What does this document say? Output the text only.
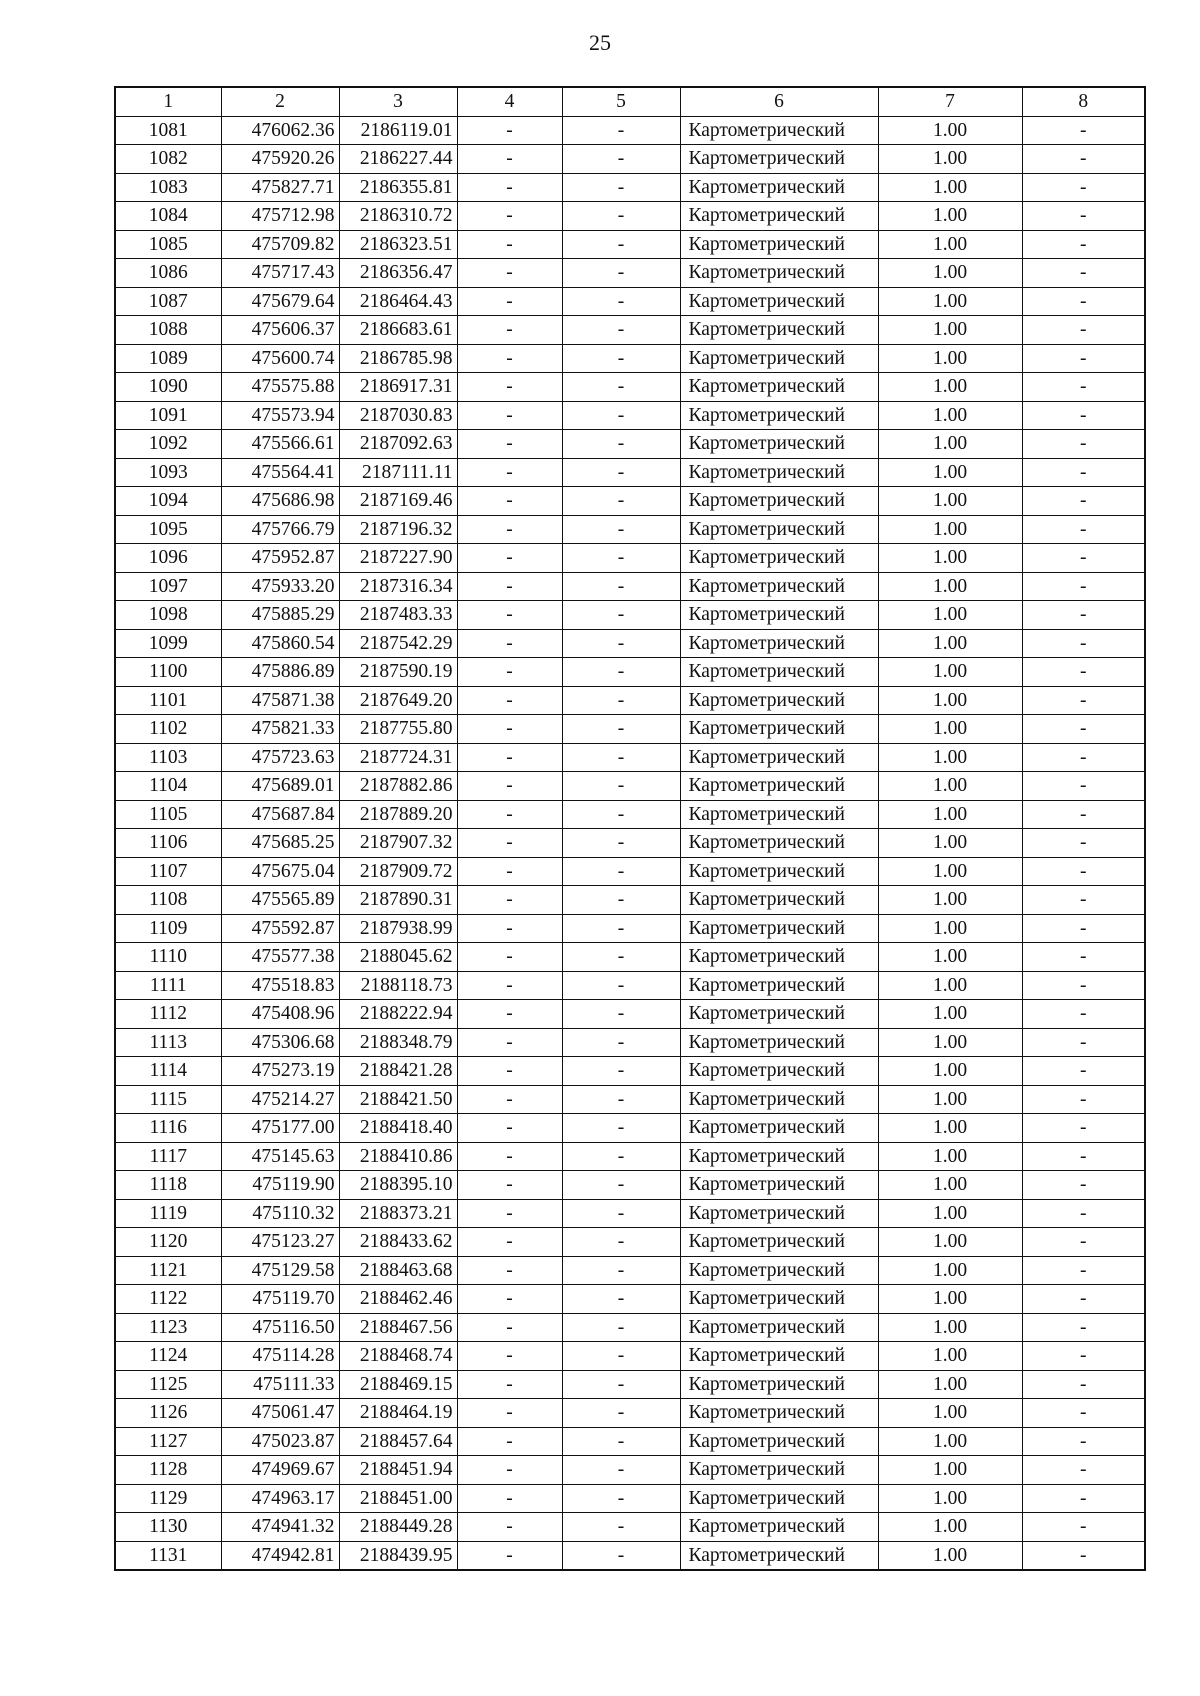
25
1	2	3	4	5	6	7	8
1081	476062.36	2186119.01	-	-	Картометрический	1.00	-
1082	475920.26	2186227.44	-	-	Картометрический	1.00	-
1083	475827.71	2186355.81	-	-	Картометрический	1.00	-
1084	475712.98	2186310.72	-	-	Картометрический	1.00	-
1085	475709.82	2186323.51	-	-	Картометрический	1.00	-
1086	475717.43	2186356.47	-	-	Картометрический	1.00	-
1087	475679.64	2186464.43	-	-	Картометрический	1.00	-
1088	475606.37	2186683.61	-	-	Картометрический	1.00	-
1089	475600.74	2186785.98	-	-	Картометрический	1.00	-
1090	475575.88	2186917.31	-	-	Картометрический	1.00	-
1091	475573.94	2187030.83	-	-	Картометрический	1.00	-
1092	475566.61	2187092.63	-	-	Картометрический	1.00	-
1093	475564.41	2187111.11	-	-	Картометрический	1.00	-
1094	475686.98	2187169.46	-	-	Картометрический	1.00	-
1095	475766.79	2187196.32	-	-	Картометрический	1.00	-
1096	475952.87	2187227.90	-	-	Картометрический	1.00	-
1097	475933.20	2187316.34	-	-	Картометрический	1.00	-
1098	475885.29	2187483.33	-	-	Картометрический	1.00	-
1099	475860.54	2187542.29	-	-	Картометрический	1.00	-
1100	475886.89	2187590.19	-	-	Картометрический	1.00	-
1101	475871.38	2187649.20	-	-	Картометрический	1.00	-
1102	475821.33	2187755.80	-	-	Картометрический	1.00	-
1103	475723.63	2187724.31	-	-	Картометрический	1.00	-
1104	475689.01	2187882.86	-	-	Картометрический	1.00	-
1105	475687.84	2187889.20	-	-	Картометрический	1.00	-
1106	475685.25	2187907.32	-	-	Картометрический	1.00	-
1107	475675.04	2187909.72	-	-	Картометрический	1.00	-
1108	475565.89	2187890.31	-	-	Картометрический	1.00	-
1109	475592.87	2187938.99	-	-	Картометрический	1.00	-
1110	475577.38	2188045.62	-	-	Картометрический	1.00	-
1111	475518.83	2188118.73	-	-	Картометрический	1.00	-
1112	475408.96	2188222.94	-	-	Картометрический	1.00	-
1113	475306.68	2188348.79	-	-	Картометрический	1.00	-
1114	475273.19	2188421.28	-	-	Картометрический	1.00	-
1115	475214.27	2188421.50	-	-	Картометрический	1.00	-
1116	475177.00	2188418.40	-	-	Картометрический	1.00	-
1117	475145.63	2188410.86	-	-	Картометрический	1.00	-
1118	475119.90	2188395.10	-	-	Картометрический	1.00	-
1119	475110.32	2188373.21	-	-	Картометрический	1.00	-
1120	475123.27	2188433.62	-	-	Картометрический	1.00	-
1121	475129.58	2188463.68	-	-	Картометрический	1.00	-
1122	475119.70	2188462.46	-	-	Картометрический	1.00	-
1123	475116.50	2188467.56	-	-	Картометрический	1.00	-
1124	475114.28	2188468.74	-	-	Картометрический	1.00	-
1125	475111.33	2188469.15	-	-	Картометрический	1.00	-
1126	475061.47	2188464.19	-	-	Картометрический	1.00	-
1127	475023.87	2188457.64	-	-	Картометрический	1.00	-
1128	474969.67	2188451.94	-	-	Картометрический	1.00	-
1129	474963.17	2188451.00	-	-	Картометрический	1.00	-
1130	474941.32	2188449.28	-	-	Картометрический	1.00	-
1131	474942.81	2188439.95	-	-	Картометрический	1.00	-
